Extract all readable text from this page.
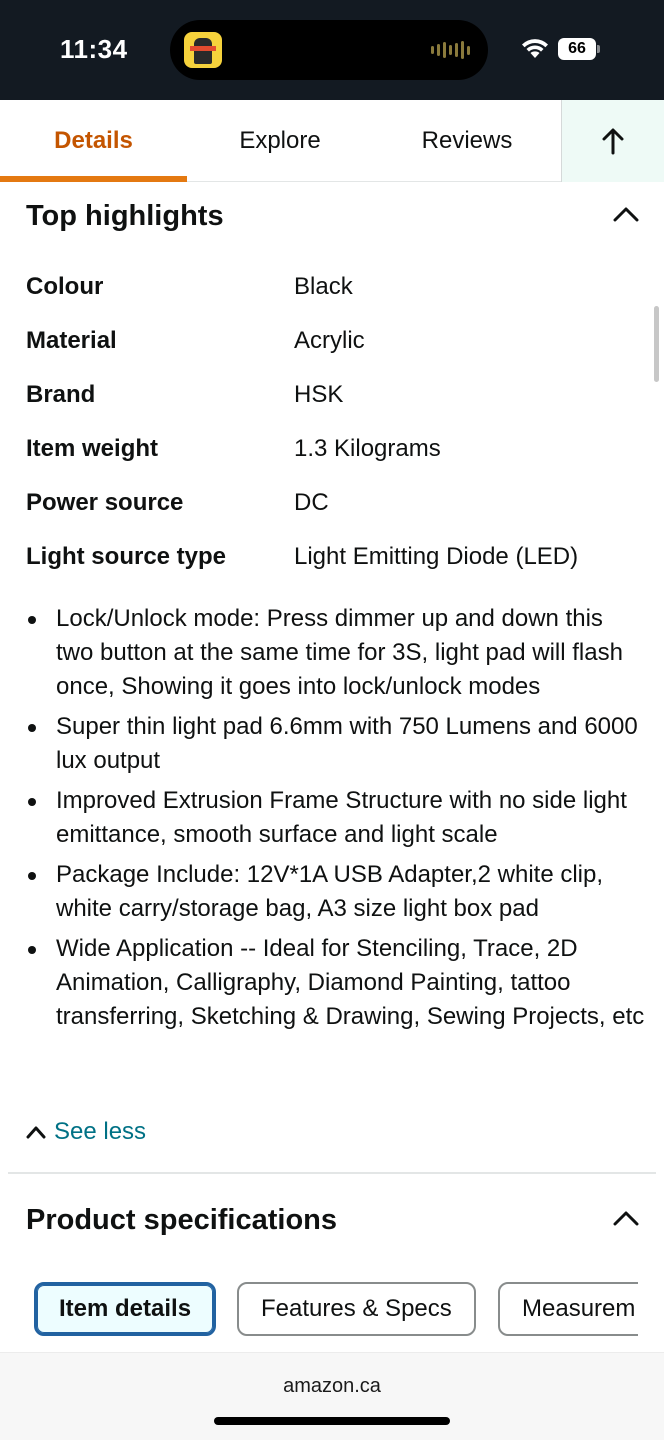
11:34	66
Details	Explore	Reviews
Top highlights
Colour	Black
Material	Acrylic
Brand	HSK
Item weight	1.3 Kilograms
Power source	DC
Light source type	Light Emitting Diode (LED)
Lock/Unlock mode: Press dimmer up and down this two button at the same time for 3S, light pad will flash once, Showing it goes into lock/unlock modes
Super thin light pad 6.6mm with 750 Lumens and 6000 lux output
Improved Extrusion Frame Structure with no side light emittance, smooth surface and light scale
Package Include: 12V*1A USB Adapter,2 white clip, white carry/storage bag, A3 size light box pad
Wide Application -- Ideal for Stenciling, Trace, 2D Animation, Calligraphy, Diamond Painting, tattoo transferring, Sketching & Drawing, Sewing Projects, etc
See less
Product specifications
Item details	Features & Specs	Measurem
amazon.ca
